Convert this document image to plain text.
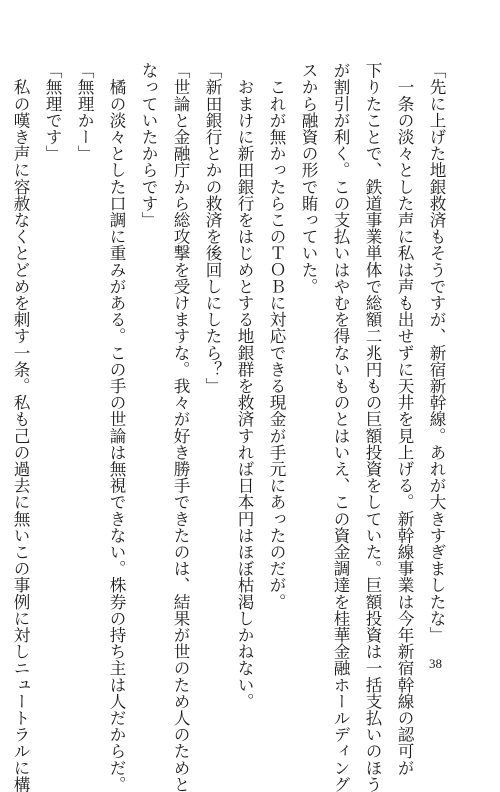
「先に上げた地銀救済もそうですが、新宿新幹線。あれが大きすぎましたな」
　一条の淡々とした声に私は声も出せずに天井を見上げる。新幹線事業は今年新宿幹線の認可が
下りたことで、鉄道事業単体で総額二兆円もの巨額投資をしていた。巨額投資は一括支払いのほう
が割引が利く。この支払いはやむを得ないものとはいえ、この資金調達を桂華金融ホールディング
スから融資の形で賄っていた。
　これが無かったらこのＴＯＢに対応できる現金が手元にあったのだが。
　おまけに新田銀行をはじめとする地銀群を救済すれば日本円はほぼ枯渇しかねない。
「新田銀行とかの救済を後回しにしたら？」
「世論と金融庁から総攻撃を受けますな。我々が好き勝手できたのは、結果が世のため人のためと
なっていたからです」
　橘の淡々とした口調に重みがある。この手の世論は無視できない。株券の持ち主は人だからだ。
「無理かー」
「無理です」
　私の嘆き声に容赦なくとどめを刺す一条。私も己の過去に無いこの事例に対しニュートラルに構	38
